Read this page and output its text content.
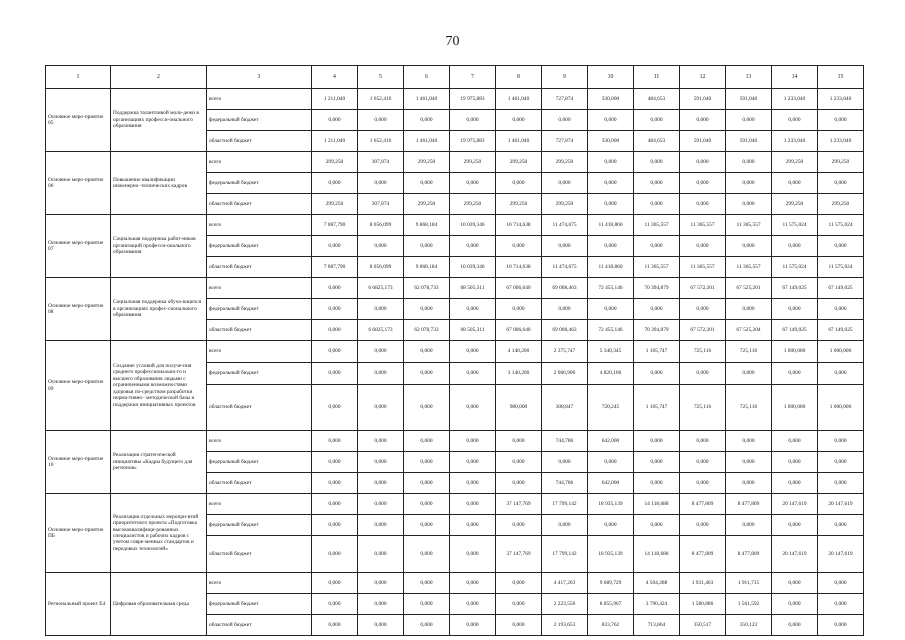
70
1	2	3	4	5	6	7	8	9	10	11	12	13	14	15
Основное меро-приятие 05	Поддержка талантливой моло-дежи в организациях професси-онального образования	всего	1 211,040	1 652,416	1 461,040	19 975,883	1 461,040	727,874	330,000	484,653	591,040	591,040	1 233,040	1 233,040
		федеральный бюджет	0,000	0,000	0,000	0,000	0,000	0,000	0,000	0,000	0,000	0,000	0,000	0,000
		областной бюджет	1 211,040	1 652,416	1 461,040	19 975,883	1 461,040	727,874	330,000	484,653	591,040	591,040	1 233,040	1 233,040
Основное меро-приятие 06	Повышение квалификации инженерно–технических кадров	всего	299,250	307,874	299,250	299,250	299,250	299,250	0,000	0,000	0,000	0,000	299,250	299,250
		федеральный бюджет	0,000	0,000	0,000	0,000	0,000	0,000	0,000	0,000	0,000	0,000	0,000	0,000
		областной бюджет	299,250	307,874	299,250	299,250	299,250	299,250	0,000	0,000	0,000	0,000	299,250	299,250
Основное меро-приятие 07	Социальная поддержка работ-ников организаций професси-онального образования	всего	7 087,790	8 056,099	9 868,184	10 039,346	10 714,638	11 474,675	11 418,860	11 365,557	11 365,557	11 365,557	11 575,024	11 575,024
		федеральный бюджет	0,000	0,000	0,000	0,000	0,000	0,000	0,000	0,000	0,000	0,000	0,000	0,000
		областной бюджет	7 087,790	8 056,099	9 868,184	10 039,346	10 714,638	11 474,675	11 418,860	11 365,557	11 365,557	11 365,557	11 575,024	11 575,024
Основное меро-приятие 08	Социальная поддержка обуча-ющихся в организациях профес-сионального образования	всего	0,000	6 6825,173	62 078,733	68 505,311	67 006,640	69 008,463	72 455,146	70 394,879	67 572,201	67 525,201	67 149,025	67 149,025
		федеральный бюджет	0,000	0,000	0,000	0,000	0,000	0,000	0,000	0,000	0,000	0,000	0,000	0,000
		областной бюджет	0,000	6 6825,173	62 078,733	68 505,311	67 006,640	69 008,463	72 455,146	70 394,879	67 572,201	67 525,204	67 149,025	67 149,025
Основное меро-приятие 09	Создание условий для получе-ния среднего профессионально-го и высшего образования людьми с ограниченными возможностями здоровья по-средством разработки норма-тивно– методической базы и поддержки инициативных проектов	всего	0,000	0,000	0,000	0,000	4 140,200	2 375,747	5 340,345	1 105,747	725,116	725,116	1 000,000	1 000,000
		федеральный бюджет	0,000	0,000	0,000	0,000	3 140,200	2 066,900	4 820,100	0,000	0,000	0,000	0,000	0,000
		областной бюджет	0,000	0,000	0,000	0,000	980,000	308,847	720,245	1 105,747	725,116	725,116	1 000,000	1 000,000
Основное меро-приятие 10	Реализация стратегической инициативы «Кадры будущего для регионов»	всего	0,000	0,000	0,000	0,000	0,000	744,786	642,000	0,000	0,000	0,000	0,000	0,000
		федеральный бюджет	0,000	0,000	0,000	0,000	0,000	0,000	0,000	0,000	0,000	0,000	0,000	0,000
		областной бюджет	0,000	0,000	0,000	0,000	0,000	744,786	642,000	0,000	0,000	0,000	0,000	0,000
Основное меро-приятие ПБ	Реализация отдельных меропри-ятий приоритетного проекта «Подготовка высококвалифици-рованных специалистов и рабочих кадров с учетом совре-менных стандартов и передовых технологий»	всего	0,000	0,000	0,000	0,000	37 147,769	17 799,142	18 935,139	14 118,688	8 477,809	8 477,809	20 147,619	20 147,619
		федеральный бюджет	0,000	0,000	0,000	0,000	0,000	0,000	0,000	0,000	0,000	0,000	0,000	0,000
		областной бюджет	0,000	0,000	0,000	0,000	37 147,769	17 799,142	18 935,139	14 118,688	8 477,809	8 477,809	20 147,619	20 147,619
Региональный проект Е4	Цифровая образовательная среда	всего	0,000	0,000	0,000	0,000	0,000	4 417,203	9 689,729	4 504,288	1 931,403	1 911,715	0,000	0,000
		федеральный бюджет	0,000	0,000	0,000	0,000	0,000	2 223,550	8 855,967	3 790,424	1 580,886	1 561,592	0,000	0,000
		областной бюджет	0,000	0,000	0,000	0,000	0,000	2 193,653	833,762	713,864	350,517	350,123	0,000	0,000
